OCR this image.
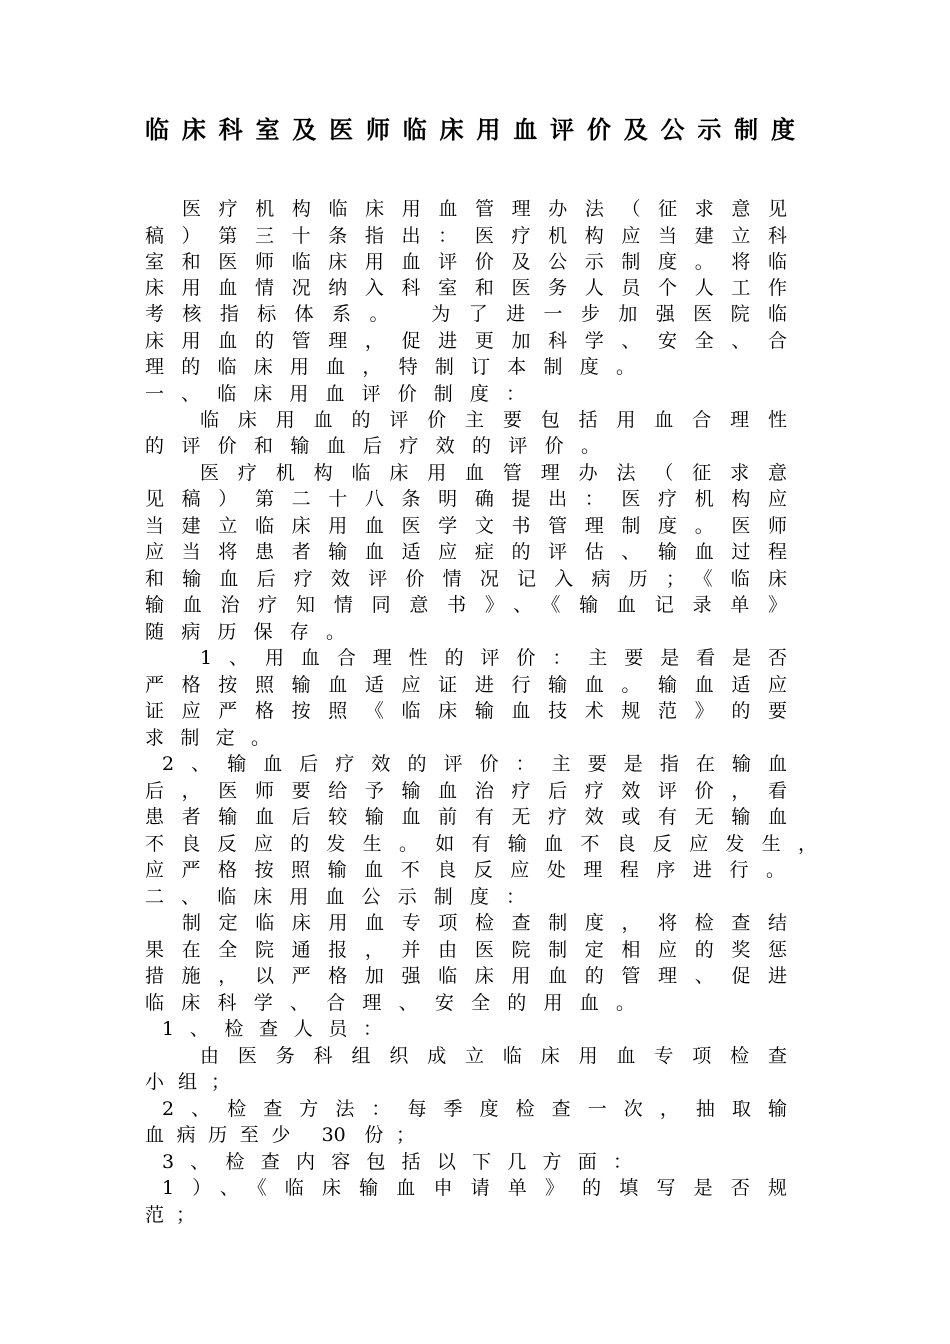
临床科室及医师临床用血评价及公示制度
医疗机构临床用血管理办法（征求意见
稿）第三十条指出：医疗机构应当建立科
室和医师临床用血评价及公示制度。将临
床用血情况纳入科室和医务人员个人工作
考核指标体系。 为了进一步加强医院临
床用血的管理，促进更加科学、安全、合
理的临床用血，特制订本制度。
一、临床用血评价制度：
临床用血的评价主要包括用血合理性
的评价和输血后疗效的评价。
医疗机构临床用血管理办法（征求意
见稿）第二十八条明确提出：医疗机构应
当建立临床用血医学文书管理制度。医师
应当将患者输血适应症的评估、输血过程
和输血后疗效评价情况记入病历；《临床
输血治疗知情同意书》、《输血记录单》
随病历保存。
1、用血合理性的评价：主要是看是否
严格按照输血适应证进行输血。输血适应
证应严格按照《临床输血技术规范》的要
求制定。
2、输血后疗效的评价：主要是指在输血
后，医师要给予输血治疗后疗效评价，看
患者输血后较输血前有无疗效或有无输血
不良反应的发生。如有输血不良反应发生，
应严格按照输血不良反应处理程序进行。
二、临床用血公示制度：
制定临床用血专项检查制度，将检查结
果在全院通报，并由医院制定相应的奖惩
措施，以严格加强临床用血的管理、促进
临床科学、合理、安全的用血。
1、检查人员：
由医务科组织成立临床用血专项检查
小组；
2、检查方法：每季度检查一次，抽取输
血病历至少 30 份；
3、检查内容包括以下几方面：
1）、《临床输血申请单》的填写是否规
范；
